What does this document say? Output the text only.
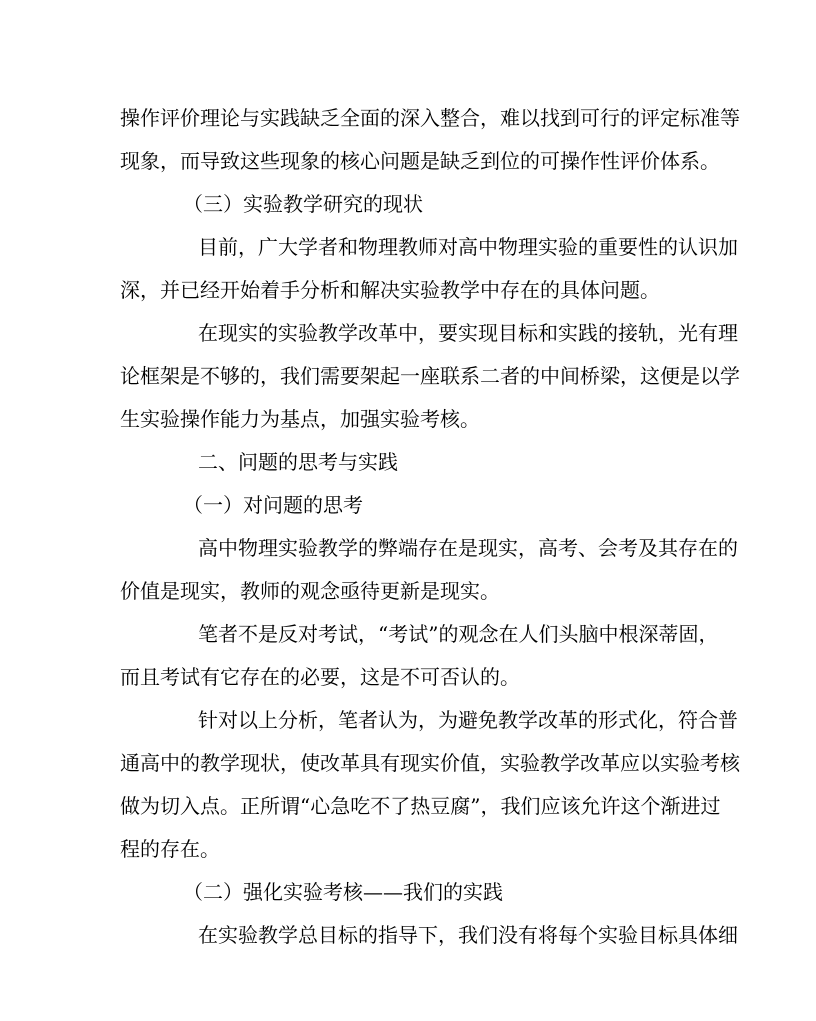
操作评价理论与实践缺乏全面的深入整合，难以找到可行的评定标准等
现象，而导致这些现象的核心问题是缺乏到位的可操作性评价体系。
（三）实验教学研究的现状
目前，广大学者和物理教师对高中物理实验的重要性的认识加
深，并已经开始着手分析和解决实验教学中存在的具体问题。
在现实的实验教学改革中，要实现目标和实践的接轨，光有理
论框架是不够的，我们需要架起一座联系二者的中间桥梁，这便是以学
生实验操作能力为基点，加强实验考核。
二、问题的思考与实践
（一）对问题的思考
高中物理实验教学的弊端存在是现实，高考、会考及其存在的
价值是现实，教师的观念亟待更新是现实。
笔者不是反对考试，“考试”的观念在人们头脑中根深蒂固，
而且考试有它存在的必要，这是不可否认的。
针对以上分析，笔者认为，为避免教学改革的形式化，符合普
通高中的教学现状，使改革具有现实价值，实验教学改革应以实验考核
做为切入点。正所谓“心急吃不了热豆腐”，我们应该允许这个渐进过
程的存在。
（二）强化实验考核——我们的实践
在实验教学总目标的指导下，我们没有将每个实验目标具体细
